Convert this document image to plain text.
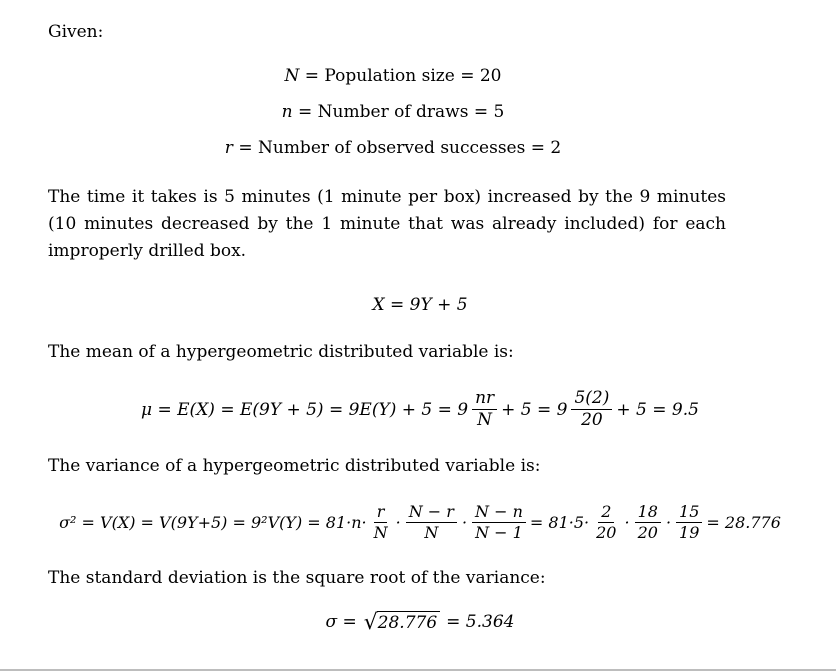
Given:

N = Population size = 20
n = Number of draws = 5
r = Number of observed successes = 2

The time it takes is 5 minutes (1 minute per box) increased by the 9 minutes (10 minutes decreased by the 1 minute that was already included) for each improperly drilled box.

X = 9Y + 5

The mean of a hypergeometric distributed variable is:

$\mu = E(X) = E(9Y + 5) = 9E(Y) + 5 = 9 \frac{nr}{N} + 5 = 9 \frac{5(2)}{20} + 5 = 9.5$

The variance of a hypergeometric distributed variable is:

$\sigma^2 = V(X) = V(9Y+5) = 9^2V(Y) = 81\cdot n\cdot \frac{r}{N} \cdot \frac{N - r}{N} \cdot \frac{N - n}{N - 1} = 81\cdot 5\cdot \frac{2}{20} \cdot \frac{18}{20} \cdot \frac{15}{19} = 28.776$

The standard deviation is the square root of the variance:

σ = √ 28.776 = 5.364
